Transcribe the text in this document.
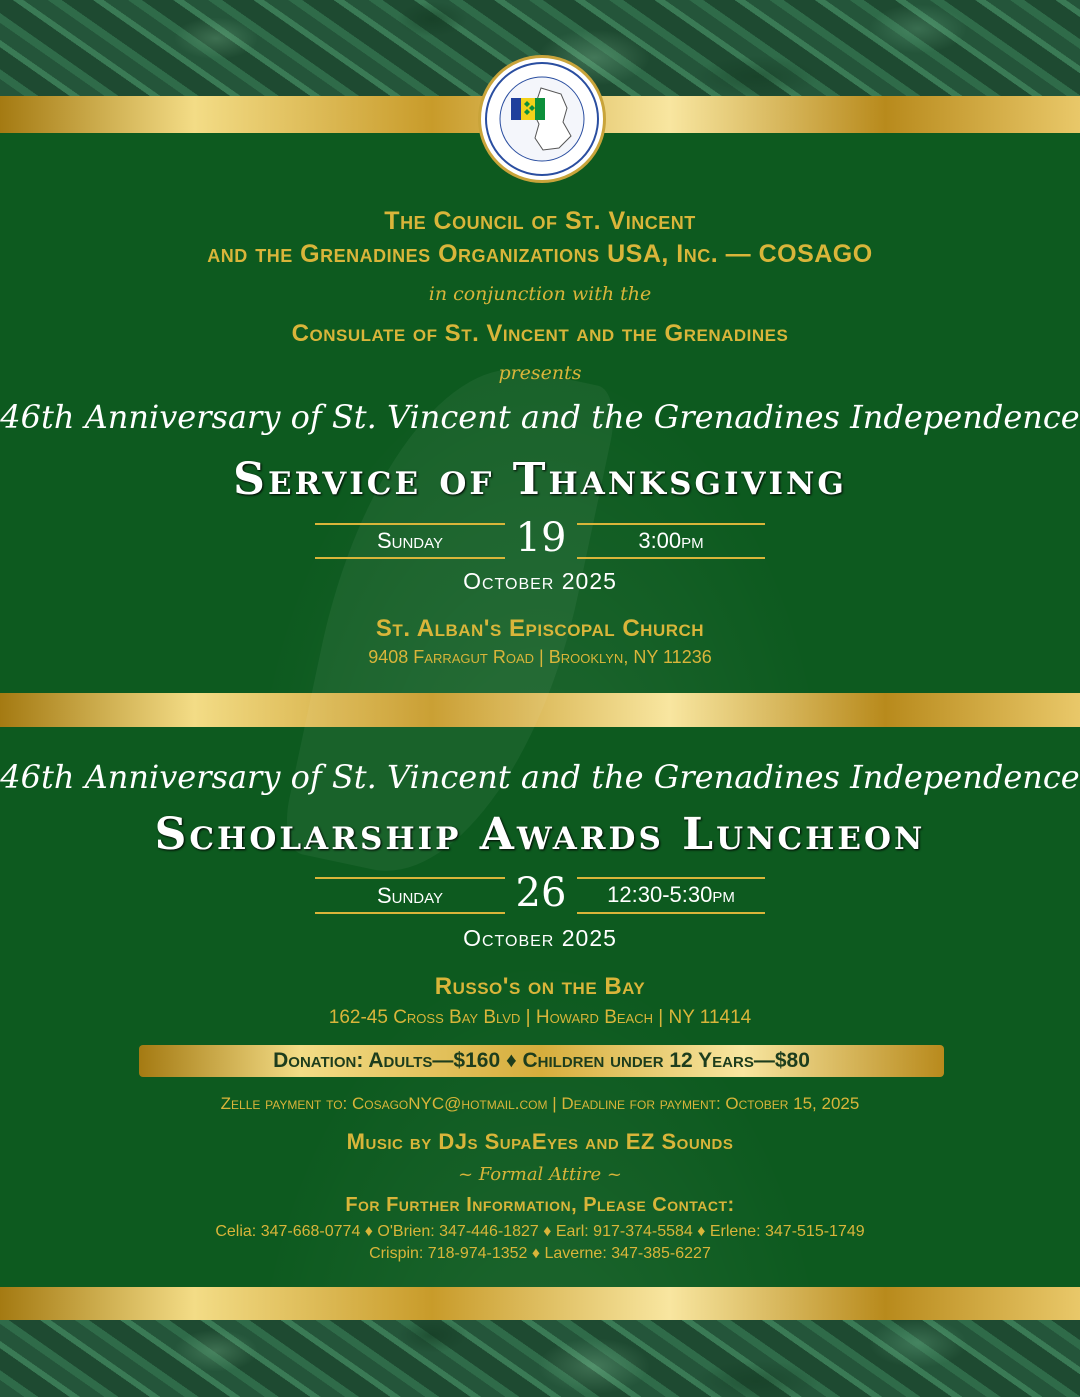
The Council of St. Vincent
and the Grenadines Organizations USA, Inc. — COSAGO
in conjunction with the
Consulate of St. Vincent and the Grenadines
presents
46th Anniversary of St. Vincent and the Grenadines Independence
Service of Thanksgiving
Sunday	19	3:00pm
October 2025
St. Alban's Episcopal Church
9408 Farragut Road | Brooklyn, NY 11236
46th Anniversary of St. Vincent and the Grenadines Independence
Scholarship Awards Luncheon
Sunday	26	12:30-5:30pm
October 2025
Russo's on the Bay
162-45 Cross Bay Blvd | Howard Beach | NY 11414
Donation: Adults—$160 ♦ Children under 12 Years—$80
Zelle payment to: CosagoNYC@hotmail.com | Deadline for payment: October 15, 2025
Music by DJs SupaEyes and EZ Sounds
~ Formal Attire ~
For Further Information, Please Contact:
Celia: 347-668-0774 ♦ O'Brien: 347-446-1827 ♦ Earl: 917-374-5584 ♦ Erlene: 347-515-1749
Crispin: 718-974-1352 ♦ Laverne: 347-385-6227
